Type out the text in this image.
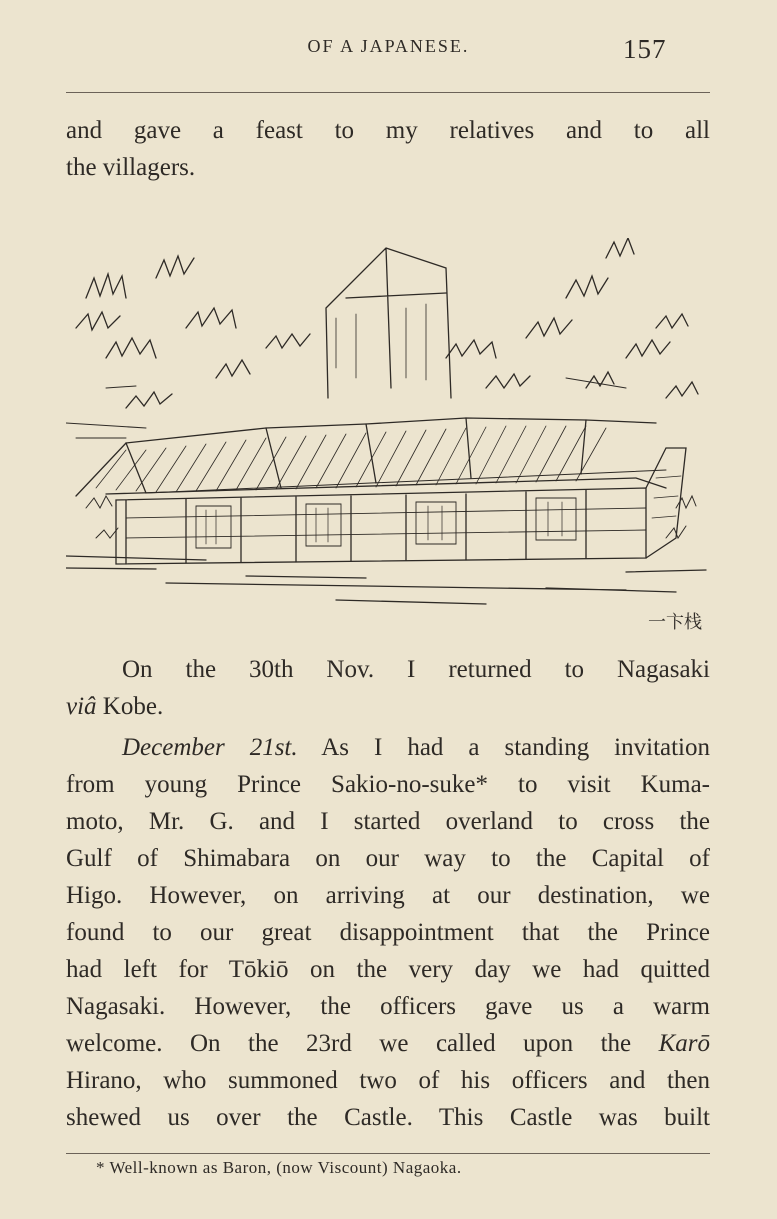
OF A JAPANESE.	157
and gave a feast to my relatives and to all
the villagers.
一卞栈
On the 30th Nov. I returned to Nagasaki
viâ Kobe.
December 21st. As I had a standing invitation
from young Prince Sakio-no-suke* to visit Kuma-
moto, Mr. G. and I started overland to cross the
Gulf of Shimabara on our way to the Capital of
Higo. However, on arriving at our destination, we
found to our great disappointment that the Prince
had left for Tōkiō on the very day we had quitted
Nagasaki. However, the officers gave us a warm
welcome. On the 23rd we called upon the Karō
Hirano, who summoned two of his officers and then
shewed us over the Castle. This Castle was built
* Well-known as Baron, (now Viscount) Nagaoka.
